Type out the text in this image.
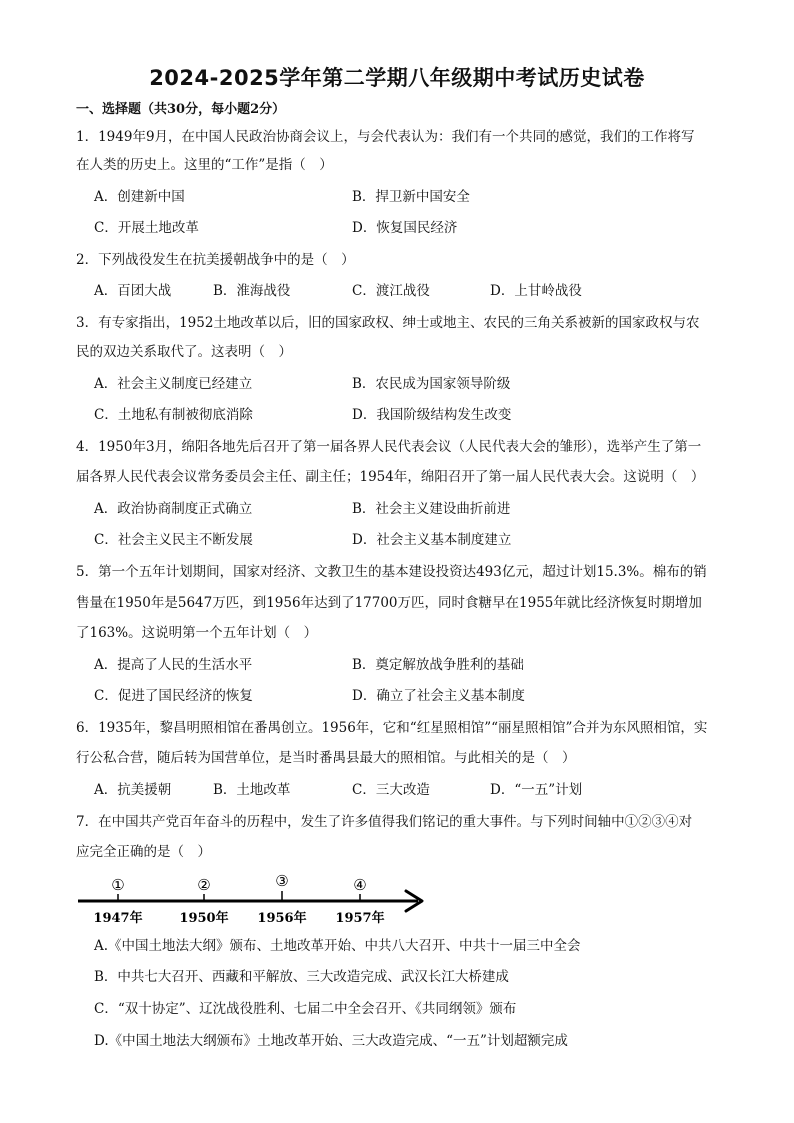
2024-2025学年第二学期八年级期中考试历史试卷
一、选择题（共30分，每小题2分）
1．1949年9月，在中国人民政治协商会议上，与会代表认为：我们有一个共同的感觉，我们的工作将写
在人类的历史上。这里的“工作”是指（　）
A．创建新中国	B．捍卫新中国安全
C．开展土地改革	D．恢复国民经济
2．下列战役发生在抗美援朝战争中的是（　）
A．百团大战	B．淮海战役	C．渡江战役	D．上甘岭战役
3．有专家指出，1952土地改革以后，旧的国家政权、绅士或地主、农民的三角关系被新的国家政权与农
民的双边关系取代了。这表明（　）
A．社会主义制度已经建立	B．农民成为国家领导阶级
C．土地私有制被彻底消除	D．我国阶级结构发生改变
4．1950年3月，绵阳各地先后召开了第一届各界人民代表会议（人民代表大会的雏形），选举产生了第一
届各界人民代表会议常务委员会主任、副主任；1954年，绵阳召开了第一届人民代表大会。这说明（　）
A．政治协商制度正式确立	B．社会主义建设曲折前进
C．社会主义民主不断发展	D．社会主义基本制度建立
5．第一个五年计划期间，国家对经济、文教卫生的基本建设投资达493亿元，超过计划15.3%。棉布的销
售量在1950年是5647万匹，到1956年达到了17700万匹，同时食糖早在1955年就比经济恢复时期增加
了163%。这说明第一个五年计划（　）
A．提高了人民的生活水平	B．奠定解放战争胜利的基础
C．促进了国民经济的恢复	D．确立了社会主义基本制度
6．1935年，黎昌明照相馆在番禺创立。1956年，它和“红星照相馆”“丽星照相馆”合并为东风照相馆，实
行公私合营，随后转为国营单位，是当时番禺县最大的照相馆。与此相关的是（　）
A．抗美援朝	B．土地改革	C．三大改造	D．“一五”计划
7．在中国共产党百年奋斗的历程中，发生了许多值得我们铭记的重大事件。与下列时间轴中①②③④对
应完全正确的是（　）
①
1947年
②
1950年
③
1956年
④
1957年
A.《中国土地法大纲》颁布、土地改革开始、中共八大召开、中共十一届三中全会
B．中共七大召开、西藏和平解放、三大改造完成、武汉长江大桥建成
C．“双十协定”、辽沈战役胜利、七届二中全会召开、《共同纲领》颁布
D.《中国土地法大纲颁布》土地改革开始、三大改造完成、“一五”计划超额完成
